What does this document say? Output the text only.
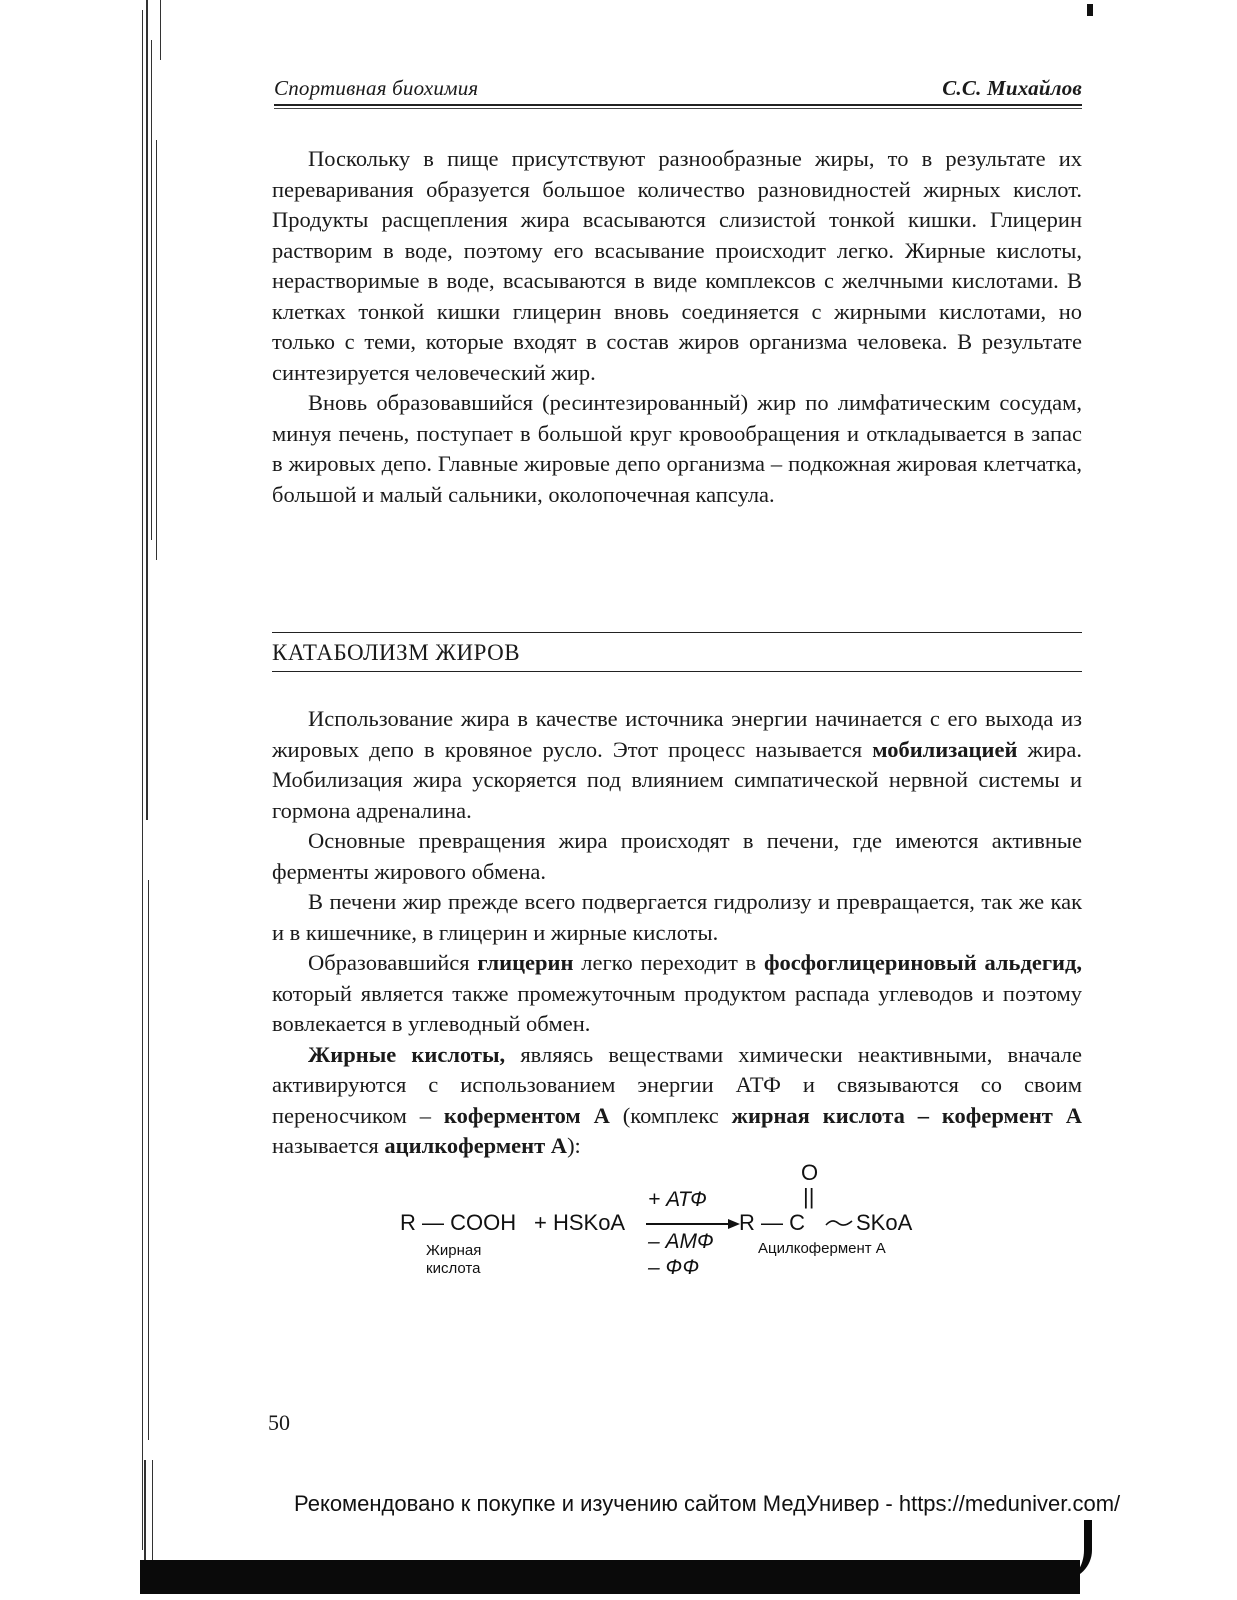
Спортивная биохимия	С.С. Михайлов

Поскольку в пище присутствуют разнообразные жиры, то в результате их переваривания образуется большое количество разновидностей жирных кислот. Продукты расщепления жира всасываются слизистой тонкой кишки. Глицерин растворим в воде, поэтому его всасывание происходит легко. Жирные кислоты, нерастворимые в воде, всасываются в виде комплексов с желчными кислотами. В клетках тонкой кишки глицерин вновь соединяется с жирными кислотами, но только с теми, которые входят в состав жиров организма человека. В результате синтезируется человеческий жир.

Вновь образовавшийся (ресинтезированный) жир по лимфатическим сосудам, минуя печень, поступает в большой круг кровообращения и откладывается в запас в жировых депо. Главные жировые депо организма – подкожная жировая клетчатка, большой и малый сальники, околопочечная капсула.

КАТАБОЛИЗМ ЖИРОВ

Использование жира в качестве источника энергии начинается с его выхода из жировых депо в кровяное русло. Этот процесс называется мобилизацией жира. Мобилизация жира ускоряется под влиянием симпатической нервной системы и гормона адреналина.

Основные превращения жира происходят в печени, где имеются активные ферменты жирового обмена.

В печени жир прежде всего подвергается гидролизу и превращается, так же как и в кишечнике, в глицерин и жирные кислоты.

Образовавшийся глицерин легко переходит в фосфоглицериновый альдегид, который является также промежуточным продуктом распада углеводов и поэтому вовлекается в углеводный обмен.

Жирные кислоты, являясь веществами химически неактивными, вначале активируются с использованием энергии АТФ и связываются со своим переносчиком – коферментом А (комплекс жирная кислота – кофермент А называется ацилкофермент А):

R — COOH + HSKoA
+ АТФ
– АМФ
– ФФ
R — C
O
||
SKoA
Жирная
кислота
Ацилкофермент А
50
Рекомендовано к покупке и изучению сайтом МедУнивер - https://meduniver.com/
